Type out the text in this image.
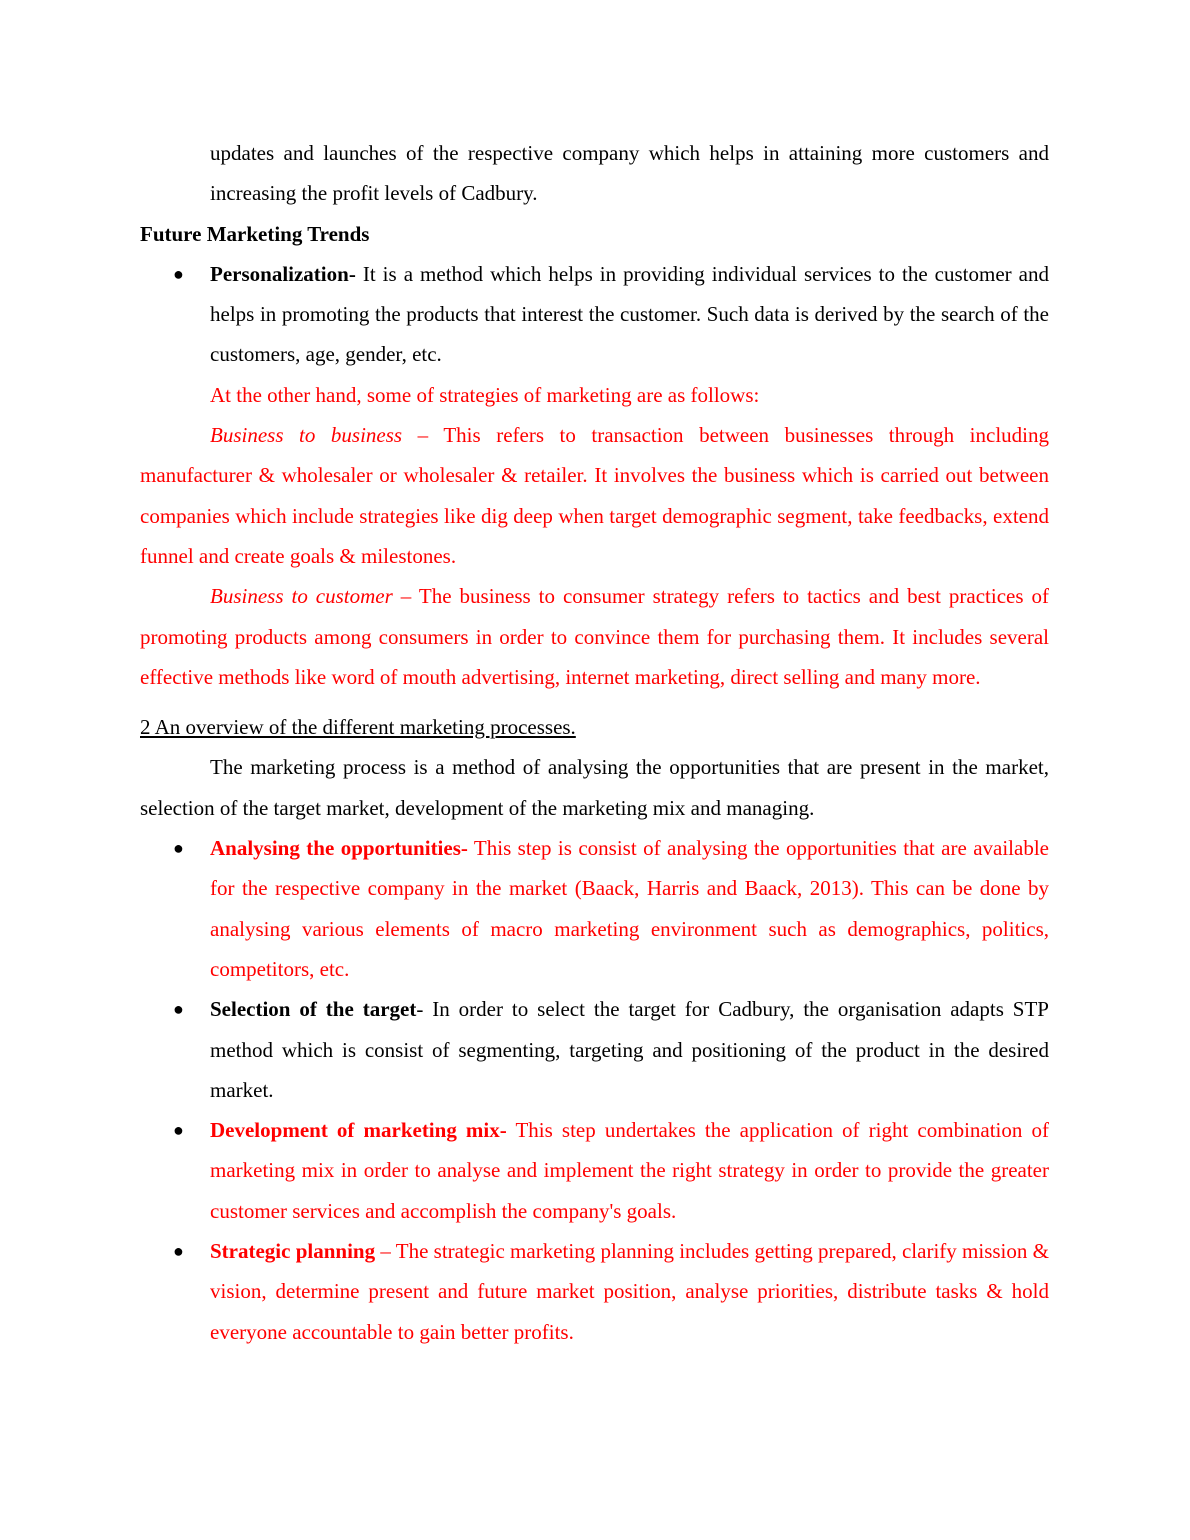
updates and launches of the respective company which helps in attaining more customers and increasing the profit levels of Cadbury.

Future Marketing Trends

● Personalization- It is a method which helps in providing individual services to the customer and helps in promoting the products that interest the customer. Such data is derived by the search of the customers, age, gender, etc.

At the other hand, some of strategies of marketing are as follows:

Business to business – This refers to transaction between businesses through including manufacturer & wholesaler or wholesaler & retailer. It involves the business which is carried out between companies which include strategies like dig deep when target demographic segment, take feedbacks, extend funnel and create goals & milestones.

Business to customer – The business to consumer strategy refers to tactics and best practices of promoting products among consumers in order to convince them for purchasing them. It includes several effective methods like word of mouth advertising, internet marketing, direct selling and many more.

2 An overview of the different marketing processes.

The marketing process is a method of analysing the opportunities that are present in the market, selection of the target market, development of the marketing mix and managing.

● Analysing the opportunities- This step is consist of analysing the opportunities that are available for the respective company in the market (Baack, Harris and Baack, 2013). This can be done by analysing various elements of macro marketing environment such as demographics, politics, competitors, etc.
● Selection of the target- In order to select the target for Cadbury, the organisation adapts STP method which is consist of segmenting, targeting and positioning of the product in the desired market.
● Development of marketing mix- This step undertakes the application of right combination of marketing mix in order to analyse and implement the right strategy in order to provide the greater customer services and accomplish the company's goals.
● Strategic planning – The strategic marketing planning includes getting prepared, clarify mission & vision, determine present and future market position, analyse priorities, distribute tasks & hold everyone accountable to gain better profits.
